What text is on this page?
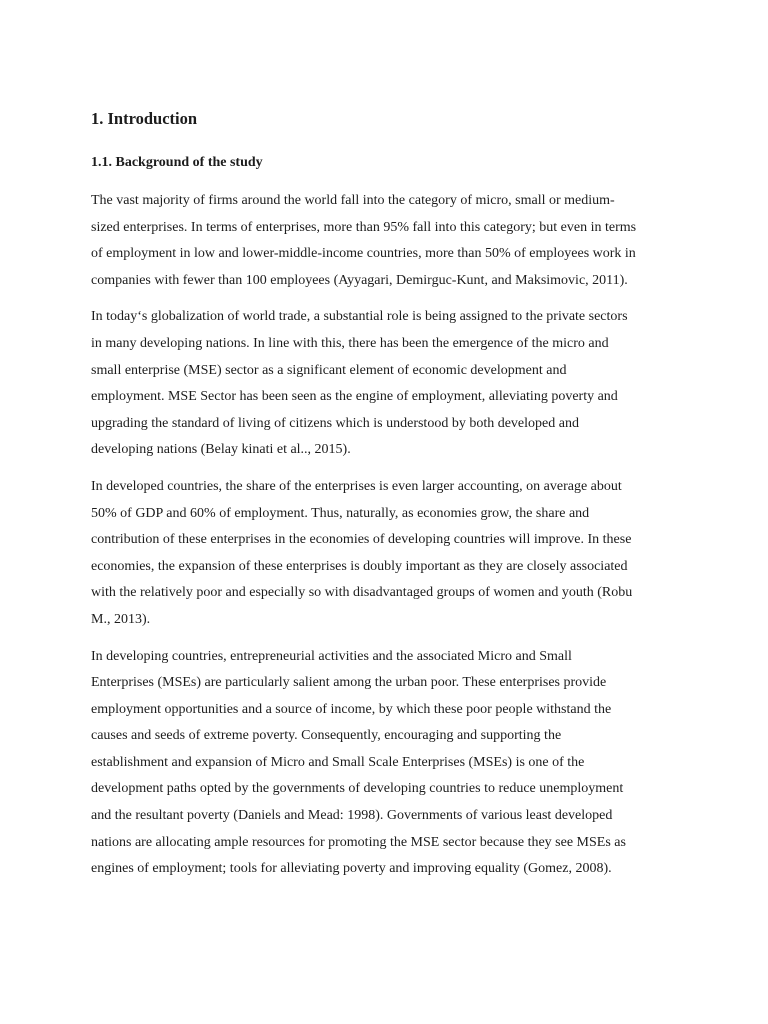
1. Introduction
1.1. Background of the study

The vast majority of firms around the world fall into the category of micro, small or medium-
sized enterprises. In terms of enterprises, more than 95% fall into this category; but even in terms
of employment in low and lower-middle-income countries, more than 50% of employees work in
companies with fewer than 100 employees (Ayyagari, Demirguc-Kunt, and Maksimovic, 2011).

In today‘s globalization of world trade, a substantial role is being assigned to the private sectors
in many developing nations. In line with this, there has been the emergence of the micro and
small enterprise (MSE) sector as a significant element of economic development and
employment. MSE Sector has been seen as the engine of employment, alleviating poverty and
upgrading the standard of living of citizens which is understood by both developed and
developing nations (Belay kinati et al.., 2015).

In developed countries, the share of the enterprises is even larger accounting, on average about
50% of GDP and 60% of employment. Thus, naturally, as economies grow, the share and
contribution of these enterprises in the economies of developing countries will improve. In these
economies, the expansion of these enterprises is doubly important as they are closely associated
with the relatively poor and especially so with disadvantaged groups of women and youth (Robu
M., 2013).

In developing countries, entrepreneurial activities and the associated Micro and Small
Enterprises (MSEs) are particularly salient among the urban poor. These enterprises provide
employment opportunities and a source of income, by which these poor people withstand the
causes and seeds of extreme poverty. Consequently, encouraging and supporting the
establishment and expansion of Micro and Small Scale Enterprises (MSEs) is one of the
development paths opted by the governments of developing countries to reduce unemployment
and the resultant poverty (Daniels and Mead: 1998). Governments of various least developed
nations are allocating ample resources for promoting the MSE sector because they see MSEs as
engines of employment; tools for alleviating poverty and improving equality (Gomez, 2008).
